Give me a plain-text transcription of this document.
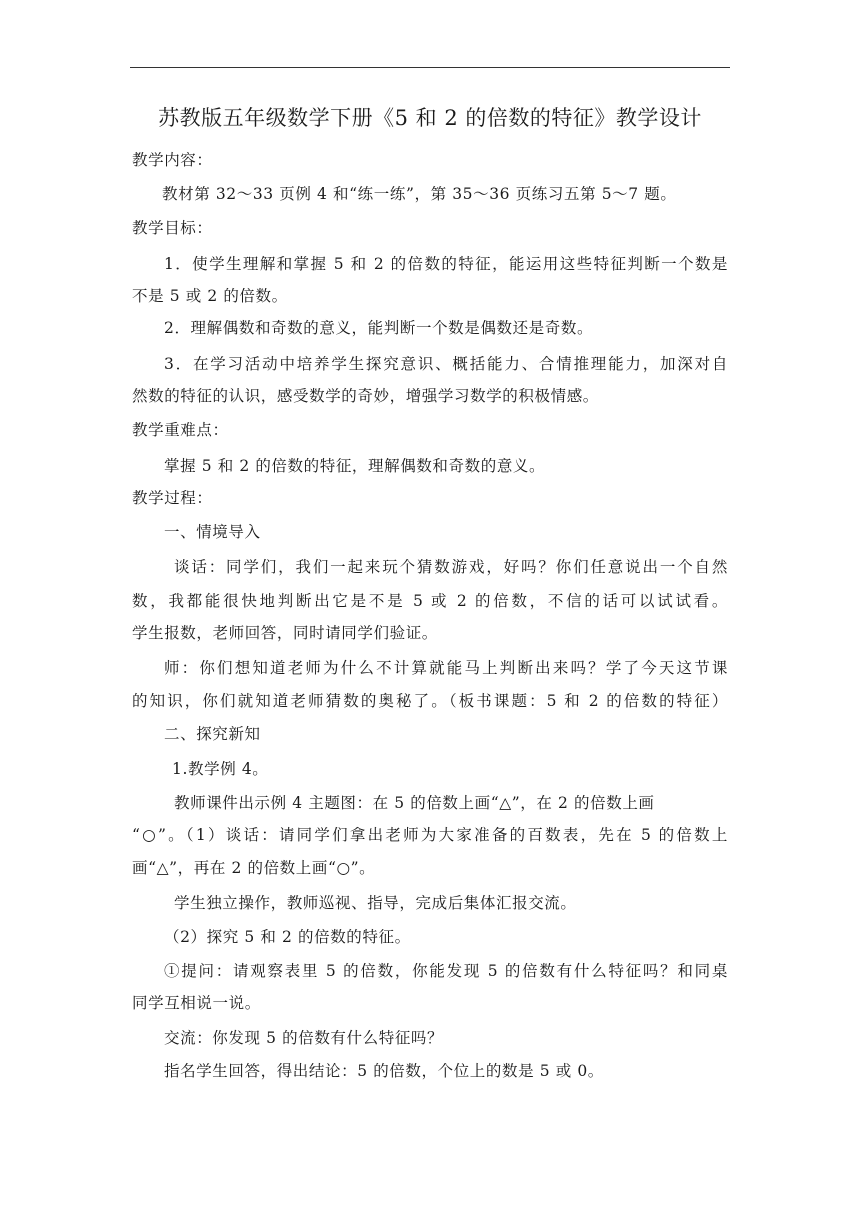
苏教版五年级数学下册《5 和 2 的倍数的特征》教学设计
教学内容：
教材第 32～33 页例 4 和“练一练”，第 35～36 页练习五第 5～7 题。
教学目标：
1．使学生理解和掌握 5 和 2 的倍数的特征，能运用这些特征判断一个数是
不是 5 或 2 的倍数。
2．理解偶数和奇数的意义，能判断一个数是偶数还是奇数。
3．在学习活动中培养学生探究意识、概括能力、合情推理能力，加深对自
然数的特征的认识，感受数学的奇妙，增强学习数学的积极情感。
教学重难点：
掌握 5 和 2 的倍数的特征，理解偶数和奇数的意义。
教学过程：
一、情境导入
谈话：同学们，我们一起来玩个猜数游戏，好吗？你们任意说出一个自然
数，我都能很快地判断出它是不是 5 或 2 的倍数，不信的话可以试试看。
学生报数，老师回答，同时请同学们验证。
师：你们想知道老师为什么不计算就能马上判断出来吗？学了今天这节课
的知识，你们就知道老师猜数的奥秘了。（板书课题：5 和 2 的倍数的特征）
二、探究新知
1.教学例 4。
教师课件出示例 4 主题图：在 5 的倍数上画“△”，在 2 的倍数上画
“○”。（1）谈话：请同学们拿出老师为大家准备的百数表，先在 5 的倍数上
画“△”，再在 2 的倍数上画“○”。
学生独立操作，教师巡视、指导，完成后集体汇报交流。
（2）探究 5 和 2 的倍数的特征。
①提问：请观察表里 5 的倍数，你能发现 5 的倍数有什么特征吗？和同桌
同学互相说一说。
交流：你发现 5 的倍数有什么特征吗？
指名学生回答，得出结论：5 的倍数，个位上的数是 5 或 0。
